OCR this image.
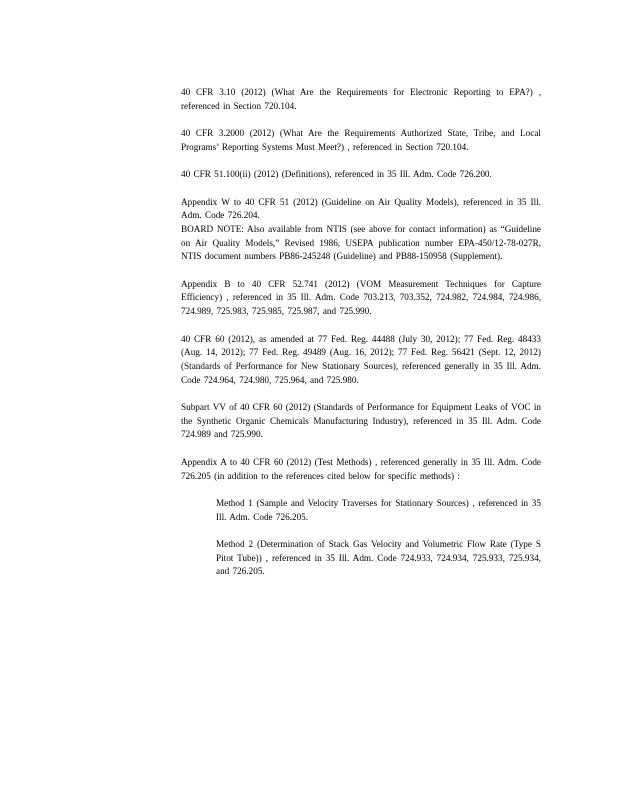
40 CFR 3.10 (2012) (What Are the Requirements for Electronic Reporting to EPA?) , referenced in Section 720.104.

40 CFR 3.2000 (2012) (What Are the Requirements Authorized State, Tribe, and Local Programs’ Reporting Systems Must Meet?) , referenced in Section 720.104.

40 CFR 51.100(ii) (2012) (Definitions), referenced in 35 Ill. Adm. Code 726.200.

Appendix W to 40 CFR 51 (2012) (Guideline on Air Quality Models), referenced in 35 Ill. Adm. Code 726.204.
BOARD NOTE: Also available from NTIS (see above for contact information) as “Guideline on Air Quality Models,” Revised 1986, USEPA publication number EPA-450/12-78-027R, NTIS document numbers PB86-245248 (Guideline) and PB88-150958 (Supplement).

Appendix B to 40 CFR 52.741 (2012) (VOM Measurement Techniques for Capture Efficiency) , referenced in 35 Ill. Adm. Code 703.213, 703.352, 724.982, 724.984, 724.986, 724.989, 725.983, 725.985, 725.987, and 725.990.

40 CFR 60 (2012), as amended at 77 Fed. Reg. 44488 (July 30, 2012); 77 Fed. Reg. 48433 (Aug. 14, 2012); 77 Fed. Reg. 49489 (Aug. 16, 2012); 77 Fed. Reg. 56421 (Sept. 12, 2012) (Standards of Performance for New Stationary Sources), referenced generally in 35 Ill. Adm. Code 724.964, 724.980, 725.964, and 725.980.

Subpart VV of 40 CFR 60 (2012) (Standards of Performance for Equipment Leaks of VOC in the Synthetic Organic Chemicals Manufacturing Industry), referenced in 35 Ill. Adm. Code 724.989 and 725.990.

Appendix A to 40 CFR 60 (2012) (Test Methods) , referenced generally in 35 Ill. Adm. Code 726.205 (in addition to the references cited below for specific methods) :

Method 1 (Sample and Velocity Traverses for Stationary Sources) , referenced in 35 Ill. Adm. Code 726.205.

Method 2 (Determination of Stack Gas Velocity and Volumetric Flow Rate (Type S Pitot Tube)) , referenced in 35 Ill. Adm. Code 724.933, 724.934, 725.933, 725.934, and 726.205.
